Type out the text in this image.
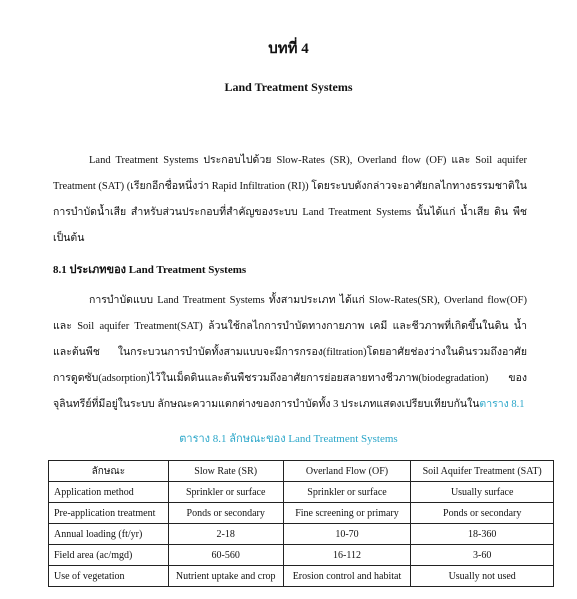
บทที่ 4
Land Treatment Systems

Land Treatment Systems ประกอบไปด้วย Slow-Rates (SR), Overland flow (OF) และ Soil aquifer Treatment (SAT) (เรียกอีกชื่อหนึ่งว่า Rapid Infiltration (RI)) โดยระบบดังกล่าวจะอาศัยกลไกทางธรรมชาติใน การบำบัดน้ำเสีย สำหรับส่วนประกอบที่สำคัญของระบบ Land Treatment Systems นั้นได้แก่ น้ำเสีย ดิน พืช เป็นต้น

8.1 ประเภทของ Land Treatment Systems

การบำบัดแบบ Land Treatment Systems ทั้งสามประเภท ได้แก่ Slow-Rates(SR), Overland flow(OF) และ Soil aquifer Treatment(SAT) ล้วนใช้กลไกการบำบัดทางกายภาพ เคมี และชีวภาพที่เกิดขึ้นในดิน น้ำ และต้นพืช ในกระบวนการบำบัดทั้งสามแบบจะมีการกรอง(filtration)โดยอาศัยช่องว่างในดินรวมถึงอาศัยการดูดซับ(adsorption)ไว้ในเม็ดดินและต้นพืชรวมถึงอาศัยการย่อยสลายทางชีวภาพ(biodegradation) ของจุลินทรีย์ที่มีอยู่ในระบบ ลักษณะความแตกต่างของการบำบัดทั้ง 3 ประเภทแสดงเปรียบเทียบกันในตาราง 8.1

ตาราง 8.1 ลักษณะของ Land Treatment Systems
ลักษณะ	Slow Rate (SR)	Overland Flow (OF)	Soil Aquifer Treatment (SAT)
Application method	Sprinkler or surface	Sprinkler or surface	Usually surface
Pre-application treatment	Ponds or secondary	Fine screening or primary	Ponds or secondary
Annual loading (ft/yr)	2-18	10-70	18-360
Field area (ac/mgd)	60-560	16-112	3-60
Use of vegetation	Nutrient uptake and crop	Erosion control and habitat	Usually not used
